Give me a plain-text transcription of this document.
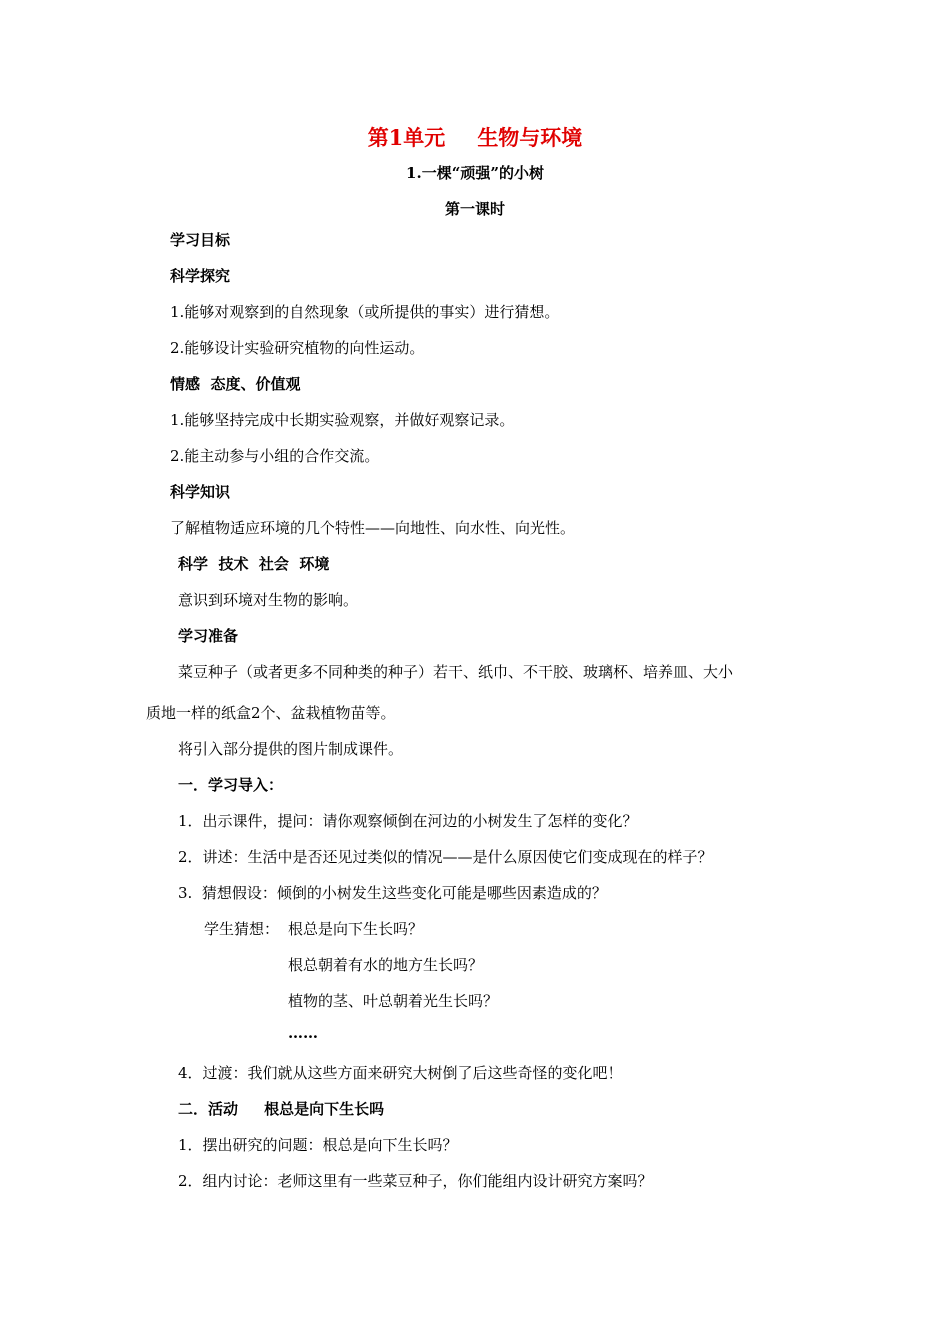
第1单元 生物与环境
1.一棵“顽强”的小树
第一课时
学习目标
科学探究
1.能够对观察到的自然现象（或所提供的事实）进行猜想。
2.能够设计实验研究植物的向性运动。
情感  态度、价值观
1.能够坚持完成中长期实验观察，并做好观察记录。
2.能主动参与小组的合作交流。
科学知识
了解植物适应环境的几个特性——向地性、向水性、向光性。
科学  技术  社会  环境
意识到环境对生物的影响。
学习准备
菜豆种子（或者更多不同种类的种子）若干、纸巾、不干胶、玻璃杯、培养皿、大小
质地一样的纸盒2个、盆栽植物苗等。
将引入部分提供的图片制成课件。
一．学习导入：
1．出示课件，提问：请你观察倾倒在河边的小树发生了怎样的变化？
2．讲述：生活中是否还见过类似的情况——是什么原因使它们变成现在的样子？
3.  猜想假设：倾倒的小树发生这些变化可能是哪些因素造成的？
学生猜想： 根总是向下生长吗？
根总朝着有水的地方生长吗？
植物的茎、叶总朝着光生长吗？
……
4．过渡：我们就从这些方面来研究大树倒了后这些奇怪的变化吧！
二．活动     根总是向下生长吗
1．摆出研究的问题：根总是向下生长吗？
2．组内讨论：老师这里有一些菜豆种子，你们能组内设计研究方案吗？
